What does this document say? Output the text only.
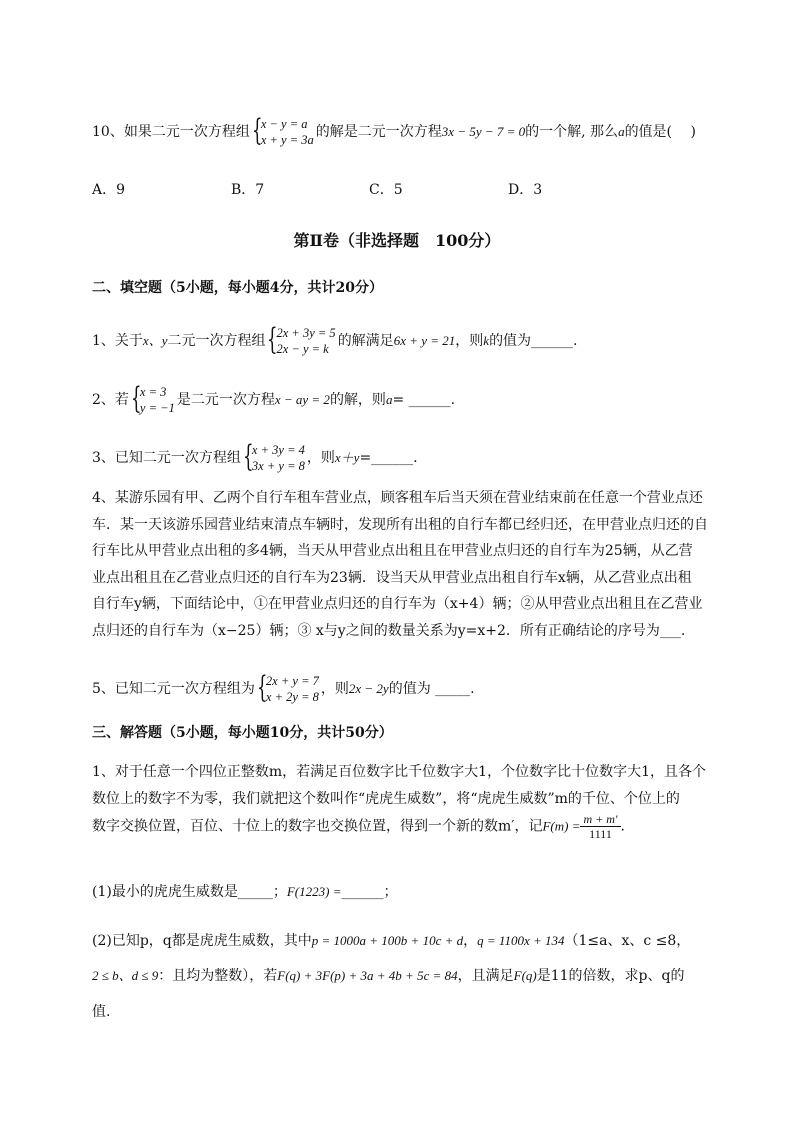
10、如果二元一次方程组 {
x − y = a
x + y = 3a 的解是二元一次方程3x − 5y − 7 = 0的一个解, 那么a的值是(　 )
A．9	B．7	C．5	D．3
第Ⅱ卷（非选择题　100分）
二、填空题（5小题，每小题4分，共计20分）
1、关于x、y二元一次方程组 {
2x + 3y = 5
2x − y = k 的解满足6x + y = 21，则k的值为______.
2、若 {
x = 3
y = −1 是二元一次方程x − ay = 2的解，则a= ______.
3、已知二元一次方程组 {
x + 3y = 4
3x + y = 8 ，则x＋y=______.
4、某游乐园有甲、乙两个自行车租车营业点，顾客租车后当天须在营业结束前在任意一个营业点还
车．某一天该游乐园营业结束清点车辆时，发现所有出租的自行车都已经归还，在甲营业点归还的自
行车比从甲营业点出租的多4辆，当天从甲营业点出租且在甲营业点归还的自行车为25辆，从乙营
业点出租且在乙营业点归还的自行车为23辆．设当天从甲营业点出租自行车x辆，从乙营业点出租
自行车y辆，下面结论中，①在甲营业点归还的自行车为（x+4）辆；②从甲营业点出租且在乙营业
点归还的自行车为（x−25）辆；③ x与y之间的数量关系为y=x+2．所有正确结论的序号为___.
5、已知二元一次方程组为 {
2x + y = 7
x + 2y = 8 ，则2x − 2y的值为 _____.
三、解答题（5小题，每小题10分，共计50分）
1、对于任意一个四位正整数m，若满足百位数字比千位数字大1，个位数字比十位数字大1，且各个
数位上的数字不为零，我们就把这个数叫作“虎虎生威数”，将“虎虎生威数”m的千位、个位上的
数字交换位置，百位、十位上的数字也交换位置，得到一个新的数m′，记$F(m) = \frac{m + m'}{1111}$ .
(1)最小的虎虎生威数是_____；F(1223) =______；
(2)已知p，q都是虎虎生威数，其中p = 1000a + 100b + 10c + d，q = 1100x + 134（1≤a、x、c ≤8，
2 ≤ b、d ≤ 9：且均为整数），若F(q) + 3F(p) + 3a + 4b + 5c = 84，且满足F(q)是11的倍数，求p、q的
值.
